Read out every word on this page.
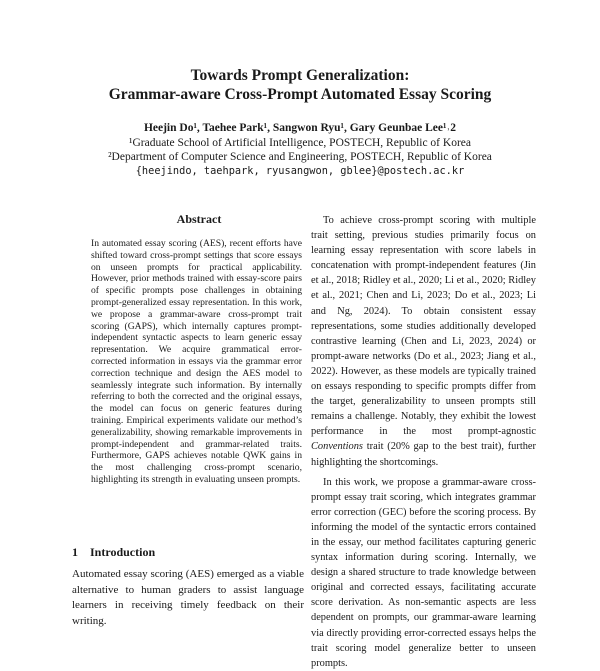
Towards Prompt Generalization:
Grammar-aware Cross-Prompt Automated Essay Scoring
Heejin Do¹, Taehee Park¹, Sangwon Ryu¹, Gary Geunbae Lee¹˒2
¹Graduate School of Artificial Intelligence, POSTECH, Republic of Korea
²Department of Computer Science and Engineering, POSTECH, Republic of Korea
{heejindo, taehpark, ryusangwon, gblee}@postech.ac.kr
Abstract
In automated essay scoring (AES), recent efforts have shifted toward cross-prompt settings that score essays on unseen prompts for practical applicability. However, prior methods trained with essay-score pairs of specific prompts pose challenges in obtaining prompt-generalized essay representation. In this work, we propose a grammar-aware cross-prompt trait scoring (GAPS), which internally captures prompt-independent syntactic aspects to learn generic essay representation. We acquire grammatical error-corrected information in essays via the grammar error correction technique and design the AES model to seamlessly integrate such information. By internally referring to both the corrected and the original essays, the model can focus on generic features during training. Empirical experiments validate our method’s generalizability, showing remarkable improvements in prompt-independent and grammar-related traits. Furthermore, GAPS achieves notable QWK gains in the most challenging cross-prompt scenario, highlighting its strength in evaluating unseen prompts.
1 Introduction
Automated essay scoring (AES) emerged as a viable alternative to human graders to assist language learners in receiving timely feedback on their writing.

To achieve cross-prompt scoring with multiple trait setting, previous studies primarily focus on learning essay representation with score labels in concatenation with prompt-independent features (Jin et al., 2018; Ridley et al., 2020; Li et al., 2020; Ridley et al., 2021; Chen and Li, 2023; Do et al., 2023; Li and Ng, 2024). To obtain consistent essay representations, some studies additionally developed contrastive learning (Chen and Li, 2023, 2024) or prompt-aware networks (Do et al., 2023; Jiang et al., 2022). However, as these models are typically trained on essays responding to specific prompts differ from the target, generalizability to unseen prompts still remains a challenge. Notably, they exhibit the lowest performance in the most prompt-agnostic Conventions trait (20% gap to the best trait), further highlighting the shortcomings.

In this work, we propose a grammar-aware cross-prompt essay trait scoring, which integrates grammar error correction (GEC) before the scoring process. By informing the model of the syntactic errors contained in the essay, our method facilitates capturing generic syntax information during scoring. Internally, we design a shared structure to trade knowledge between original and corrected essays, facilitating accurate score derivation. As non-semantic aspects are less dependent on prompts, our grammar-aware learning via directly providing error-corrected essays helps the trait scoring model generalize better to unseen prompts.
